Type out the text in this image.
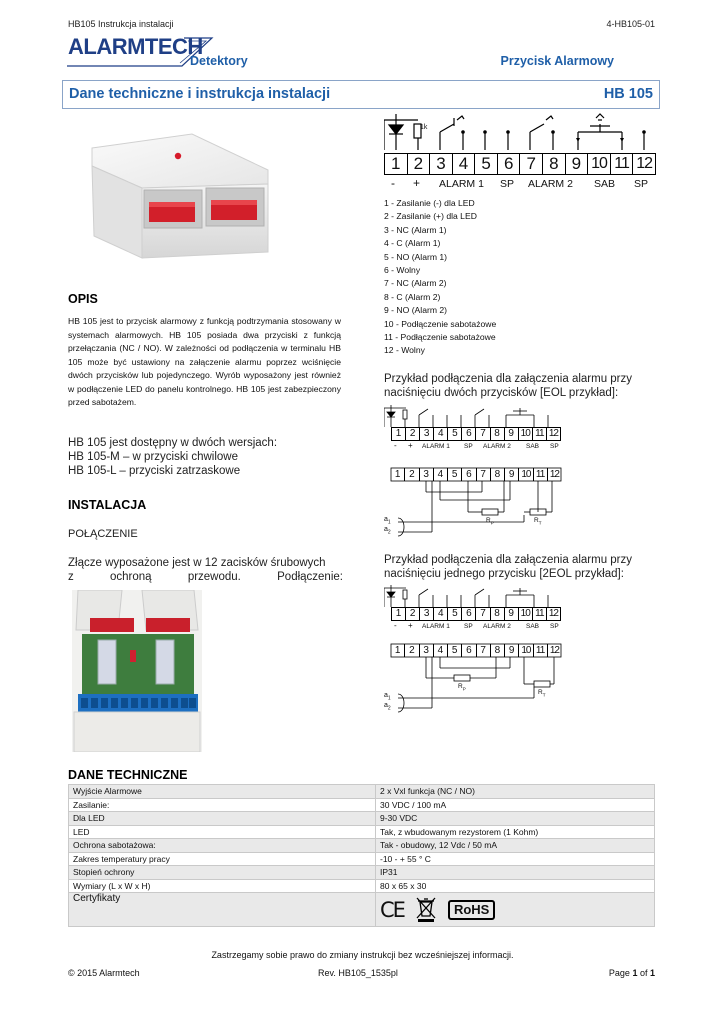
HB105 Instrukcja instalacji	4-HB105-01
ALARMTECH
Detektory	Przycisk Alarmowy
Dane techniczne i instrukcja instalacji	HB 105
1k
1 2 3 4 5 6 7 8 9 10 11 12
- + ALARM 1 SP ALARM 2 SAB SP
1 - Zasilanie (-) dla LED
2 - Zasilanie (+) dla LED
3 - NC (Alarm 1)
4 - C (Alarm 1)
5 - NO (Alarm 1)
6 - Wolny
7 - NC (Alarm 2)
8 - C (Alarm 2)
9 - NO (Alarm 2)
10 - Podłączenie sabotażowe
11 - Podłączenie sabotażowe
12 - Wolny
Przykład podłączenia dla załączenia alarmu przy
naciśnięciu dwóch przycisków [EOL przykład]:
1 2 3 4 5 6 7 8 9 10 11 12
- + ALARM 1 SP ALARM 2 SAB SP
1 2 3 4 5 6 7 8 9 10 11 12
$a_1$
$a_2$
$R_P$	$R_T$
Przykład podłączenia dla załączenia alarmu przy
naciśnięciu jednego przycisku [2EOL przykład]:
1 2 3 4 5 6 7 8 9 10 11 12
- + ALARM 1 SP ALARM 2 SAB SP
1 2 3 4 5 6 7 8 9 10 11 12
$a_1$
$a_2$
$R_P$
$R_T$
OPIS
HB 105 jest to przycisk alarmowy z funkcją podtrzymania stosowany w systemach alarmowych. HB 105 posiada dwa przyciski z funkcją przełączania (NC / NO). W zależności od podłączenia w terminalu HB 105 może być ustawiony na załączenie alarmu poprzez wciśnięcie dwóch przycisków lub pojedynczego. Wyrób wyposażony jest również w podłączenie LED do panelu kontrolnego. HB 105 jest zabezpieczony przed sabotażem.
HB 105 jest dostępny w dwóch wersjach:
HB 105-M – w przyciski chwilowe
HB 105-L – przyciski zatrzaskowe
INSTALACJA
POŁĄCZENIE
Złącze wyposażone jest w 12 zacisków śrubowych
z	ochroną	przewodu.	Podłączenie:
DANE TECHNICZNE
Wyjście Alarmowe	2 x Vxl funkcja (NC / NO)
Zasilanie:	30 VDC / 100 mA
Dla LED	9-30 VDC
LED	Tak, z wbudowanym rezystorem (1 Kohm)
Ochrona sabotażowa:	Tak - obudowy, 12 Vdc / 50 mA
Zakres temperatury pracy	-10 - + 55 ° C
Stopień ochrony	IP31
Wymiary (L x W x H)	80 x 65 x 30
Certyfikaty	CE RoHS
Zastrzegamy sobie prawo do zmiany instrukcji bez wcześniejszej informacji.
© 2015 Alarmtech	Rev. HB105_1535pl	Page 1 of 1
